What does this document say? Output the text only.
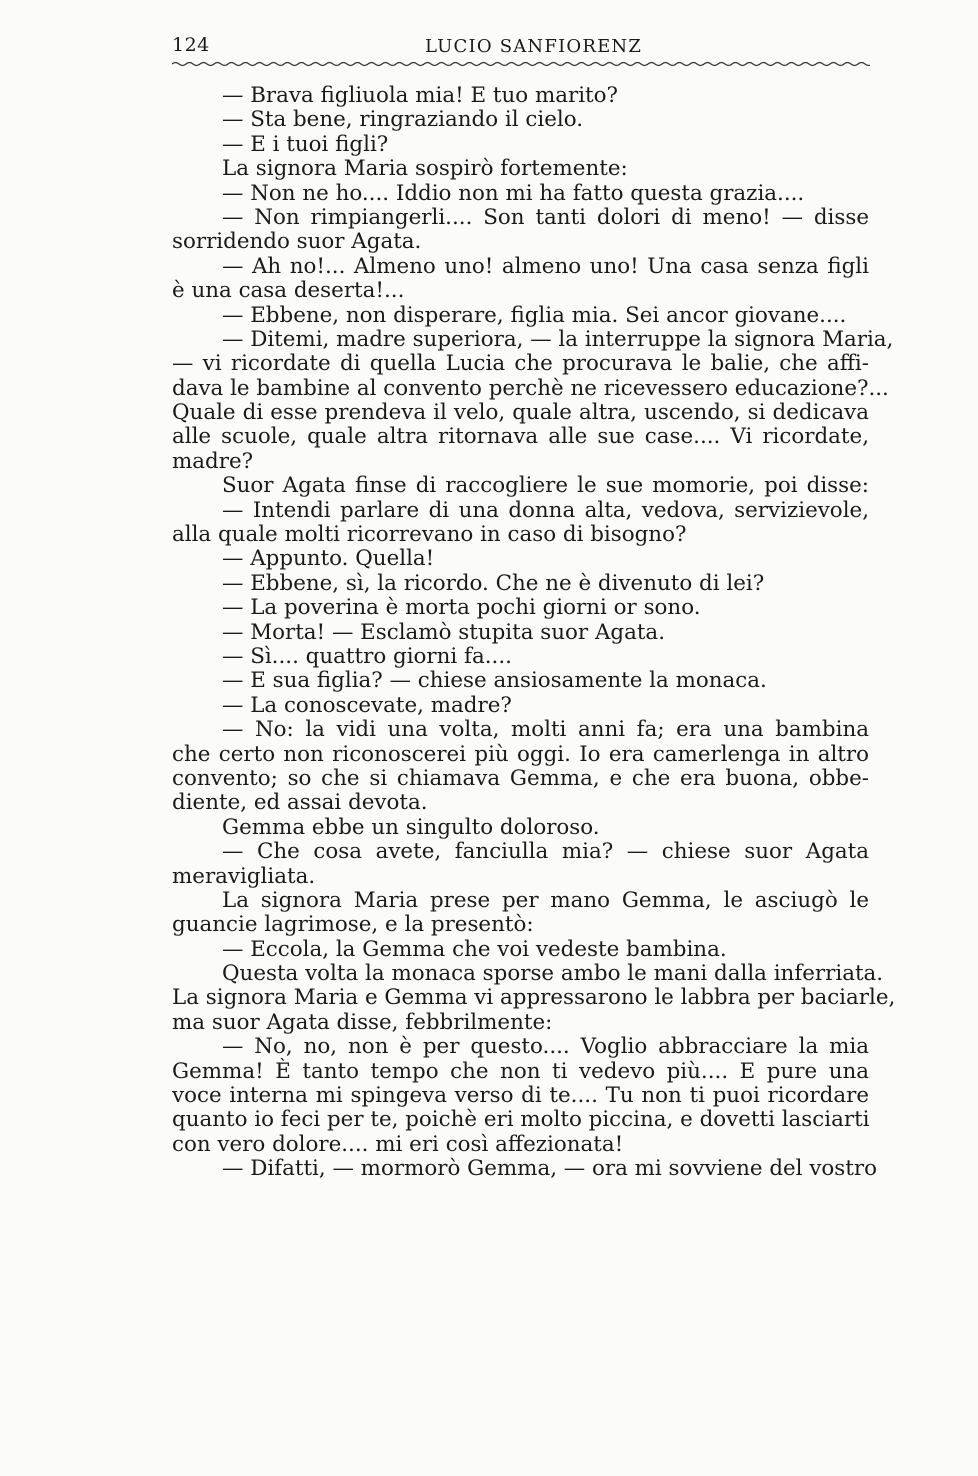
124	LUCIO SANFIORENZ
— Brava figliuola mia! E tuo marito?
— Sta bene, ringraziando il cielo.
— E i tuoi figli?
La signora Maria sospirò fortemente:
— Non ne ho.... Iddio non mi ha fatto questa grazia....
— Non rimpiangerli.... Son tanti dolori di meno! — disse
sorridendo suor Agata.
— Ah no!... Almeno uno! almeno uno! Una casa senza figli
è una casa deserta!...
— Ebbene, non disperare, figlia mia. Sei ancor giovane....
— Ditemi, madre superiora, — la interruppe la signora Maria,
— vi ricordate di quella Lucia che procurava le balie, che affi-
dava le bambine al convento perchè ne ricevessero educazione?...
Quale di esse prendeva il velo, quale altra, uscendo, si dedicava
alle scuole, quale altra ritornava alle sue case.... Vi ricordate,
madre?
Suor Agata finse di raccogliere le sue momorie, poi disse:
— Intendi parlare di una donna alta, vedova, servizievole,
alla quale molti ricorrevano in caso di bisogno?
— Appunto. Quella!
— Ebbene, sì, la ricordo. Che ne è divenuto di lei?
— La poverina è morta pochi giorni or sono.
— Morta! — Esclamò stupita suor Agata.
— Sì.... quattro giorni fa....
— E sua figlia? — chiese ansiosamente la monaca.
— La conoscevate, madre?
— No: la vidi una volta, molti anni fa; era una bambina
che certo non riconoscerei più oggi. Io era camerlenga in altro
convento; so che si chiamava Gemma, e che era buona, obbe-
diente, ed assai devota.
Gemma ebbe un singulto doloroso.
— Che cosa avete, fanciulla mia? — chiese suor Agata
meravigliata.
La signora Maria prese per mano Gemma, le asciugò le
guancie lagrimose, e la presentò:
— Eccola, la Gemma che voi vedeste bambina.
Questa volta la monaca sporse ambo le mani dalla inferriata.
La signora Maria e Gemma vi appressarono le labbra per baciarle,
ma suor Agata disse, febbrilmente:
— No, no, non è per questo.... Voglio abbracciare la mia
Gemma! È tanto tempo che non ti vedevo più.... E pure una
voce interna mi spingeva verso di te.... Tu non ti puoi ricordare
quanto io feci per te, poichè eri molto piccina, e dovetti lasciarti
con vero dolore.... mi eri così affezionata!
— Difatti, — mormorò Gemma, — ora mi sovviene del vostro
